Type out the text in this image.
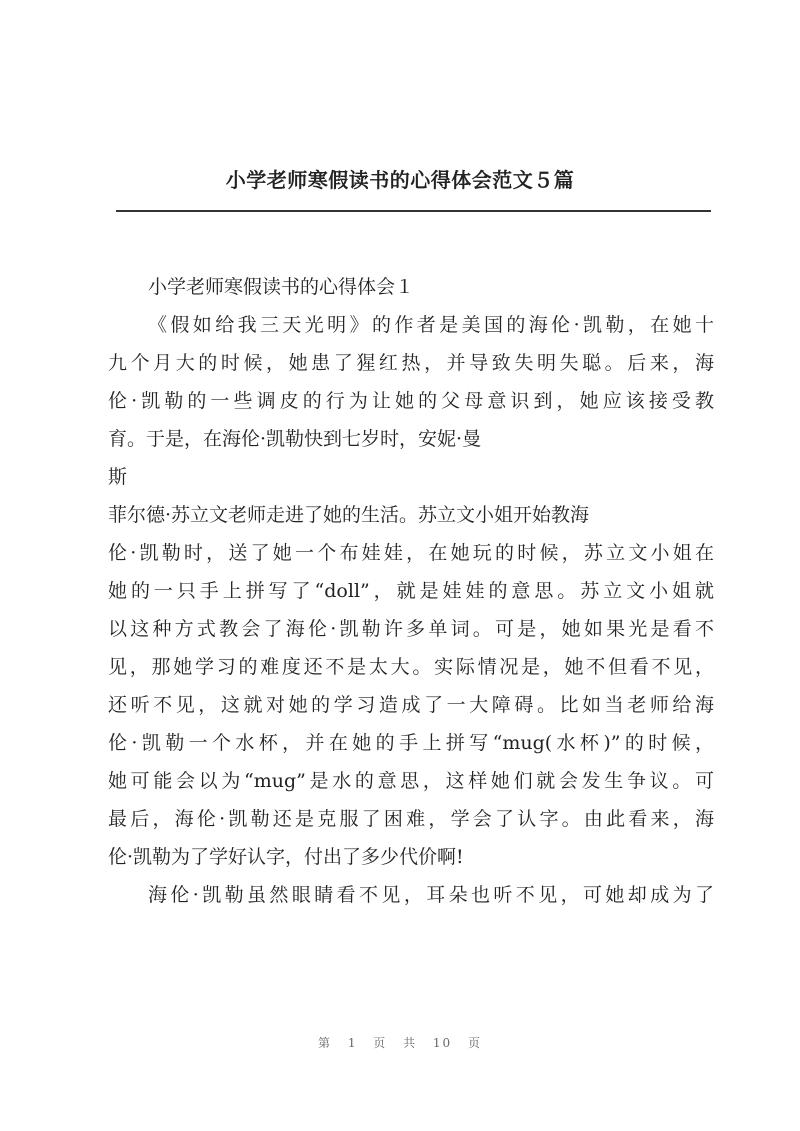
小学老师寒假读书的心得体会范文５篇
小学老师寒假读书的心得体会１
《假如给我三天光明》的作者是美国的海伦·凯勒，在她十
九个月大的时候，她患了猩红热，并导致失明失聪。后来，海
伦·凯勒的一些调皮的行为让她的父母意识到，她应该接受教
育。于是，在海伦·凯勒快到七岁时，安妮·曼
斯
菲尔德·苏立文老师走进了她的生活。苏立文小姐开始教海
伦·凯勒时，送了她一个布娃娃，在她玩的时候，苏立文小姐在
她的一只手上拼写了“doll”，就是娃娃的意思。苏立文小姐就
以这种方式教会了海伦·凯勒许多单词。可是，她如果光是看不
见，那她学习的难度还不是太大。实际情况是，她不但看不见，
还听不见，这就对她的学习造成了一大障碍。比如当老师给海
伦·凯勒一个水杯，并在她的手上拼写“mug(水杯)”的时候，
她可能会以为“mug”是水的意思，这样她们就会发生争议。可
最后，海伦·凯勒还是克服了困难，学会了认字。由此看来，海
伦·凯勒为了学好认字，付出了多少代价啊!
海伦·凯勒虽然眼睛看不见，耳朵也听不见，可她却成为了
第 1 页 共 10 页
